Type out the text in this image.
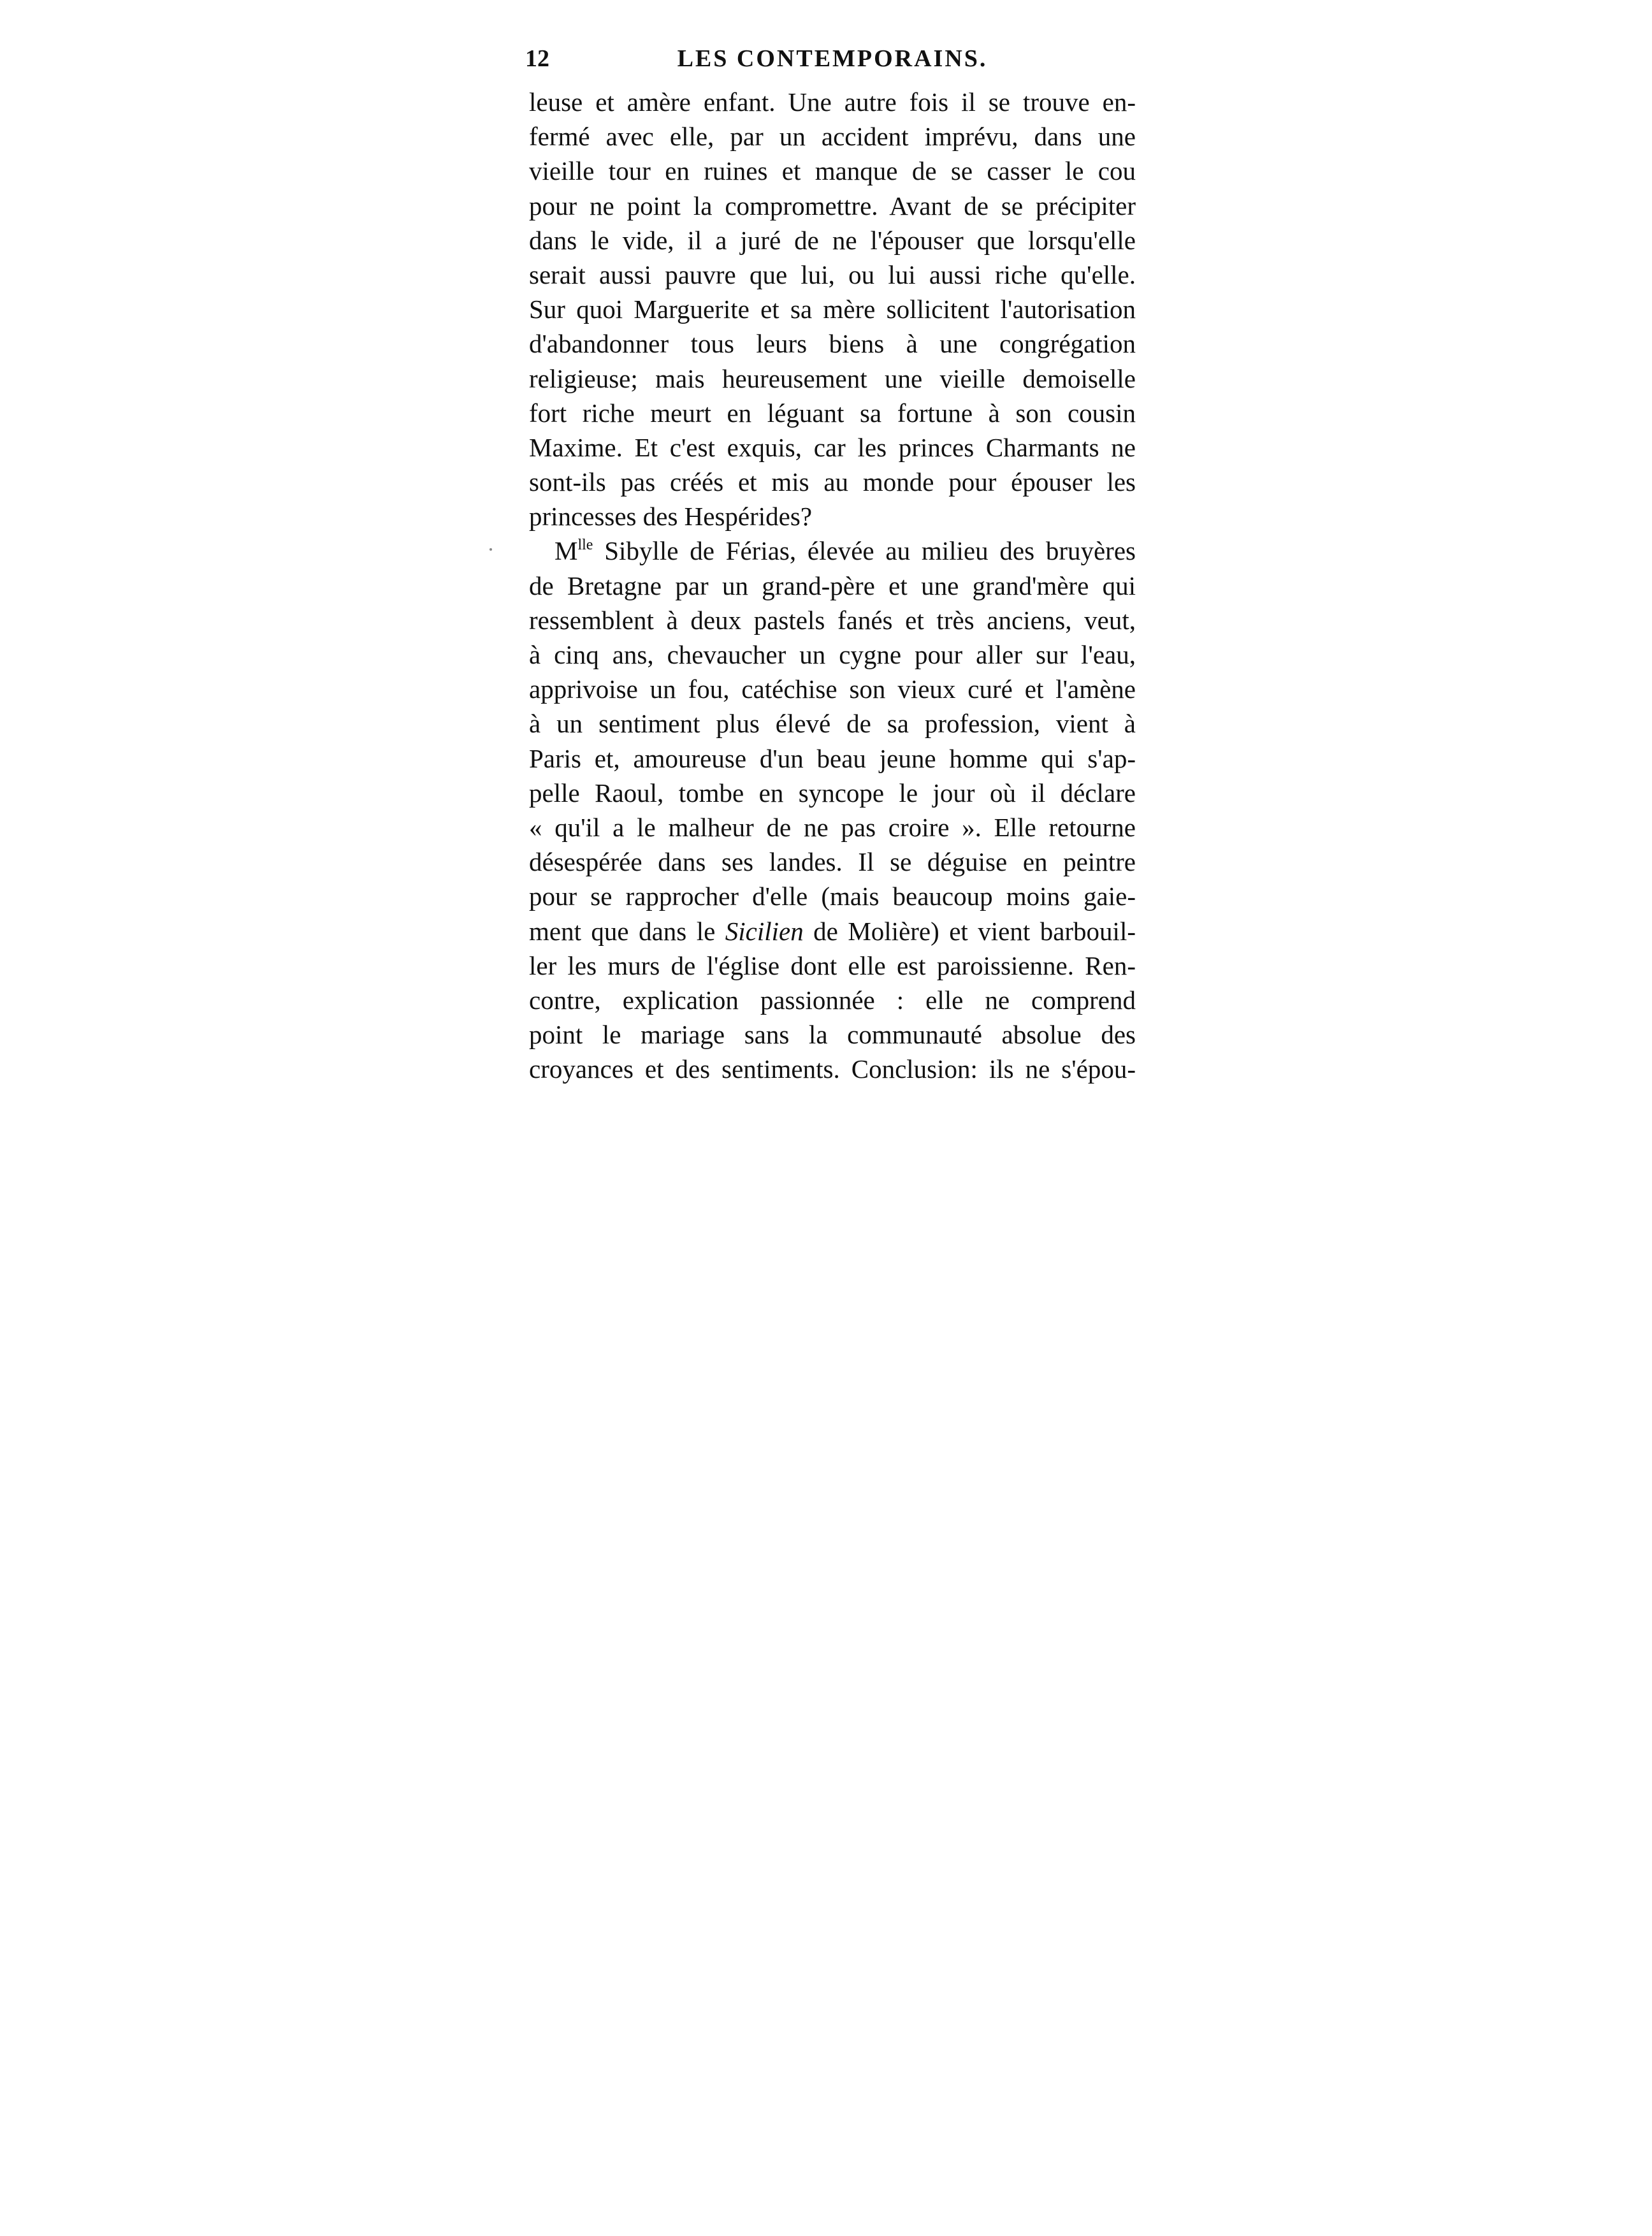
12	LES CONTEMPORAINS.
leuse et amère enfant. Une autre fois il se trouve en-
fermé avec elle, par un accident imprévu, dans une
vieille tour en ruines et manque de se casser le cou
pour ne point la compromettre. Avant de se précipiter
dans le vide, il a juré de ne l'épouser que lorsqu'elle
serait aussi pauvre que lui, ou lui aussi riche qu'elle.
Sur quoi Marguerite et sa mère sollicitent l'autorisation
d'abandonner tous leurs biens à une congrégation
religieuse; mais heureusement une vieille demoiselle
fort riche meurt en léguant sa fortune à son cousin
Maxime. Et c'est exquis, car les princes Charmants ne
sont-ils pas créés et mis au monde pour épouser les
princesses des Hespérides?
$M^{lle}$ Sibylle de Férias, élevée au milieu des bruyères
de Bretagne par un grand-père et une grand'mère qui
ressemblent à deux pastels fanés et très anciens, veut,
à cinq ans, chevaucher un cygne pour aller sur l'eau,
apprivoise un fou, catéchise son vieux curé et l'amène
à un sentiment plus élevé de sa profession, vient à
Paris et, amoureuse d'un beau jeune homme qui s'ap-
pelle Raoul, tombe en syncope le jour où il déclare
« qu'il a le malheur de ne pas croire ». Elle retourne
désespérée dans ses landes. Il se déguise en peintre
pour se rapprocher d'elle (mais beaucoup moins gaie-
ment que dans le Sicilien de Molière) et vient barbouil-
ler les murs de l'église dont elle est paroissienne. Ren-
contre, explication passionnée : elle ne comprend
point le mariage sans la communauté absolue des
croyances et des sentiments. Conclusion: ils ne s'épou-
